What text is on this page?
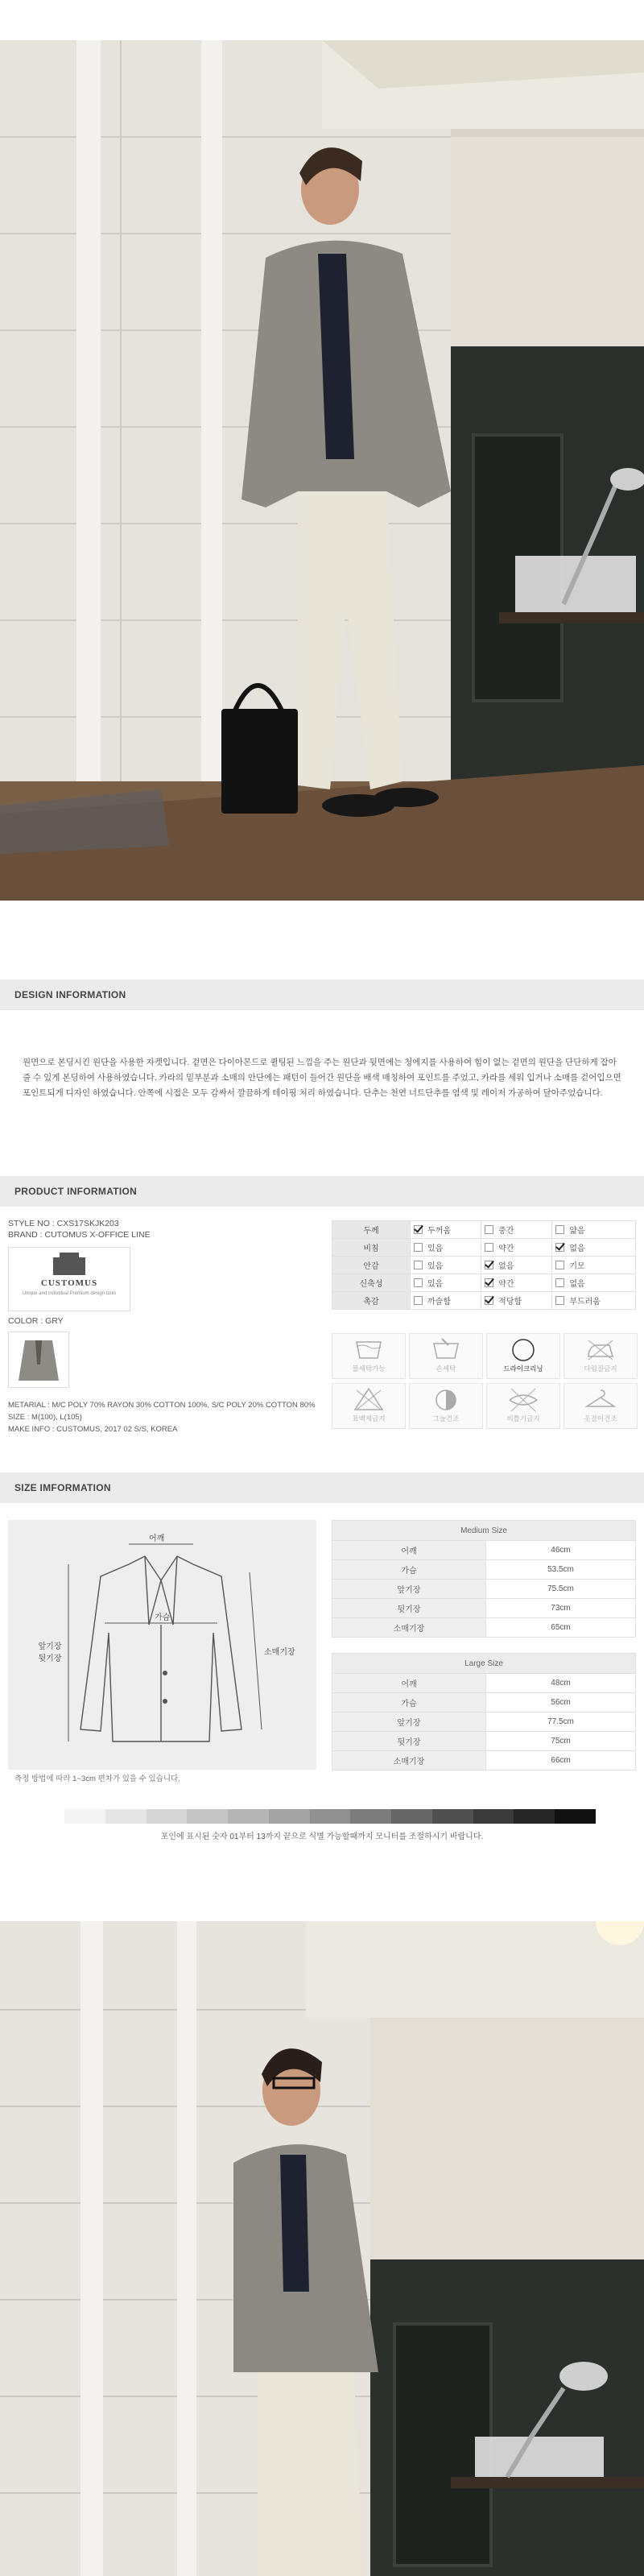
DESIGN INFORMATION
원면으로 본딩시킨 원단을 사용한 자켓입니다. 겉면은 다이아몬드로 퀼팅된 느낌을 주는 원단과 뒷면에는 청에지를 사용하여 힘이 없는 겉면의 원단을 단단하게 잡아줄 수 있게 본딩하여 사용하였습니다. 카라의 밑부분과 소매의 안단에는 패턴이 들어간 원단을 배색 매칭하여 포인트를 주었고, 카라를 세워 입거나 소매를 걷어입으면 포인트되게 디자인 하였습니다. 안쪽에 시접은 모두 감싸서 깔끔하게 테이핑 처리 하였습니다. 단추는 천연 너트단추를 염색 및 레이저 가공하여 달아주었습니다.
PRODUCT INFORMATION
STYLE NO : CXS17SKJK203
BRAND : CUTOMUS X-OFFICE LINE
CUSTOMUS
Unique and individual Premium design tools
COLOR : GRY
METARIAL : M/C POLY 70% RAYON 30% COTTON 100%, S/C POLY 20% COTTON 80%
SIZE : M(100), L(105)
MAKE INFO : CUSTOMUS, 2017 02 S/S, KOREA
두께	두꺼움	중간	얇음
비침	있음	약간	없음
안감	있음	없음	기모
신축성	있음	약간	없음
촉감	까슬함	적당함	부드러움
물세탁가능	손세탁	드라이크리닝	다림질금지
표백제금지	그늘건조	비틀기금지	옷걸이건조
SIZE IMFORMATION
어깨
가슴
앞기장
뒷기장
소매기장
Medium Size	
어깨	46cm
가슴	53.5cm
앞기장	75.5cm
뒷기장	73cm
소매기장	65cm
Large Size	
어깨	48cm
가슴	56cm
앞기장	77.5cm
뒷기장	75cm
소매기장	66cm
측정 방법에 따라 1~3cm 편차가 있을 수 있습니다.
포인에 표시된 숫자 01부터 13까지 끝으로 식별 가능할때까지 모니터를 조절하시기 바랍니다.
